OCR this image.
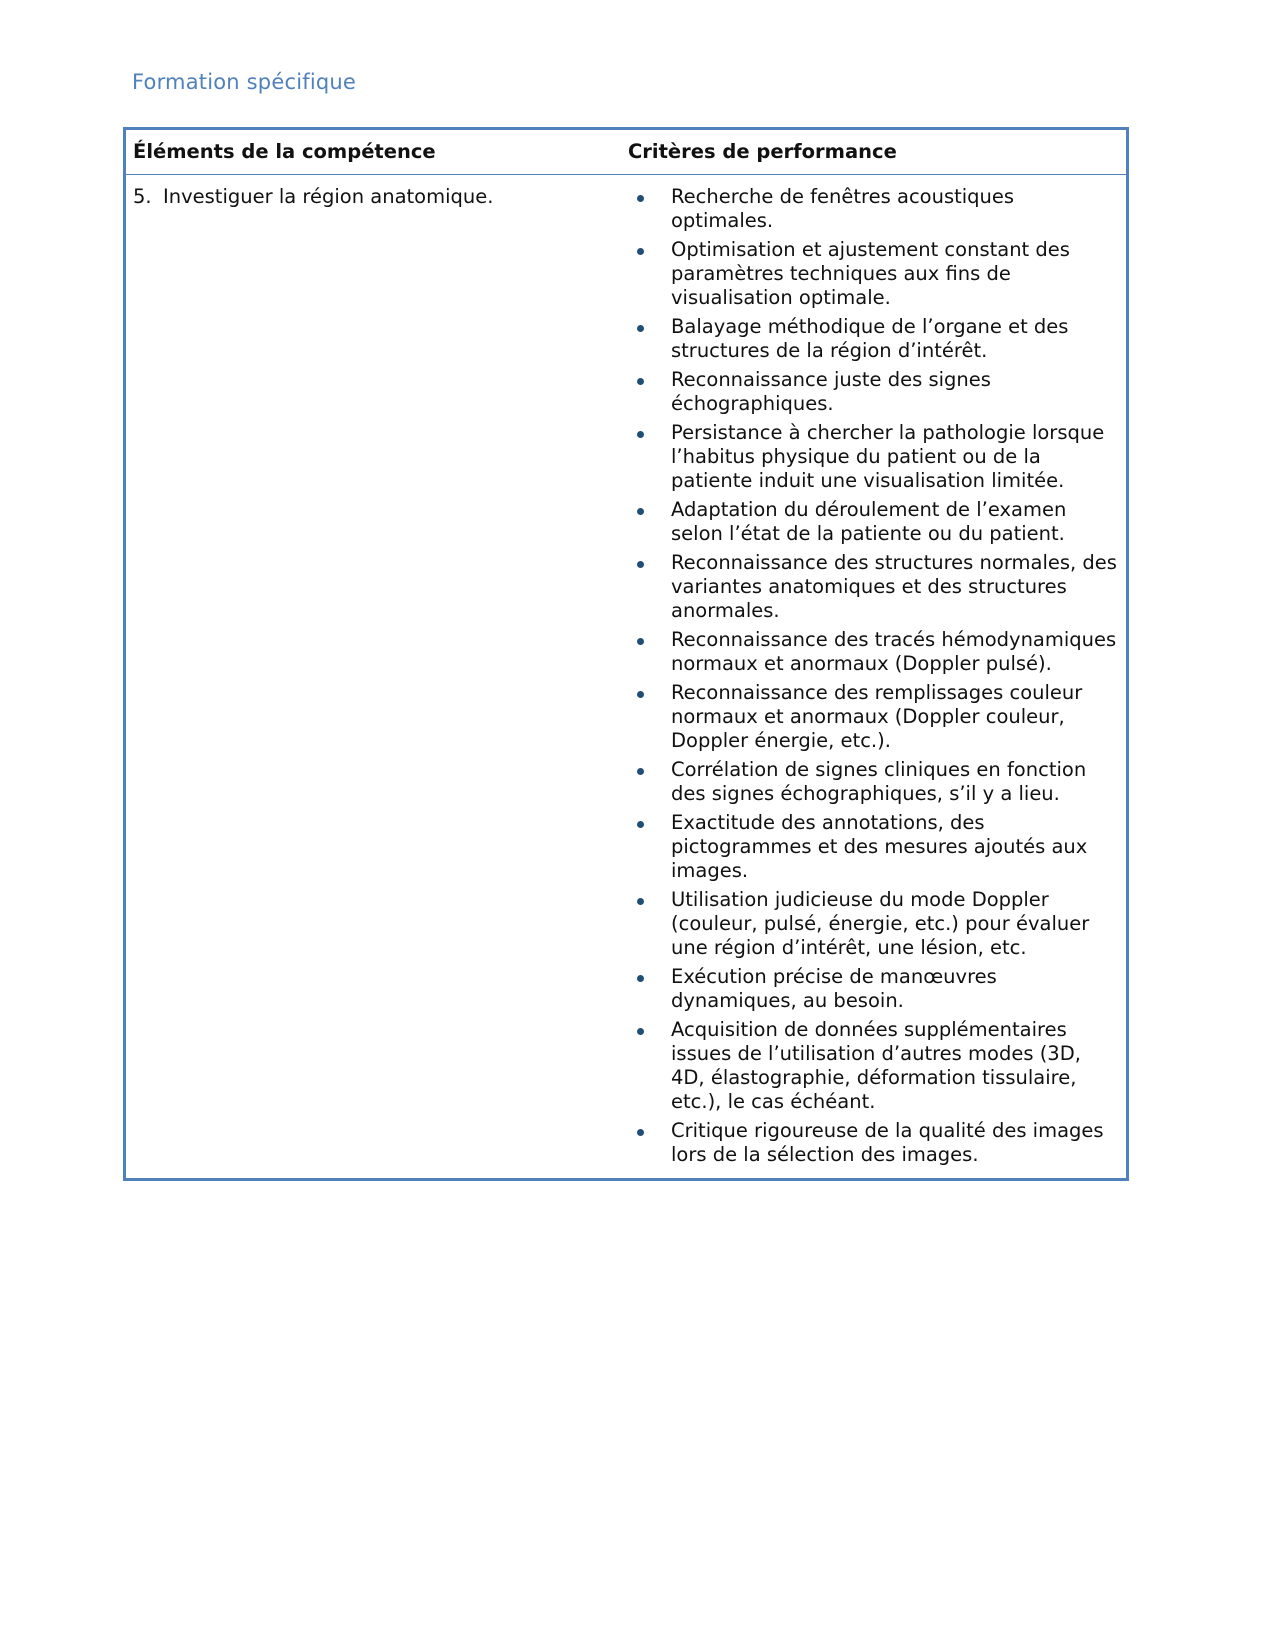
Formation spécifique
Éléments de la compétence	Critères de performance
5. Investiguer la région anatomique.	Recherche de fenêtres acoustiques optimales.
Optimisation et ajustement constant des paramètres techniques aux fins de visualisation optimale.
Balayage méthodique de l’organe et des structures de la région d’intérêt.
Reconnaissance juste des signes échographiques.
Persistance à chercher la pathologie lorsque l’habitus physique du patient ou de la patiente induit une visualisation limitée.
Adaptation du déroulement de l’examen selon l’état de la patiente ou du patient.
Reconnaissance des structures normales, des variantes anatomiques et des structures anormales.
Reconnaissance des tracés hémodynamiques normaux et anormaux (Doppler pulsé).
Reconnaissance des remplissages couleur normaux et anormaux (Doppler couleur, Doppler énergie, etc.).
Corrélation de signes cliniques en fonction des signes échographiques, s’il y a lieu.
Exactitude des annotations, des pictogrammes et des mesures ajoutés aux images.
Utilisation judicieuse du mode Doppler (couleur, pulsé, énergie, etc.) pour évaluer une région d’intérêt, une lésion, etc.
Exécution précise de manœuvres dynamiques, au besoin.
Acquisition de données supplémentaires issues de l’utilisation d’autres modes (3D, 4D, élastographie, déformation tissulaire, etc.), le cas échéant.
Critique rigoureuse de la qualité des images lors de la sélection des images.
